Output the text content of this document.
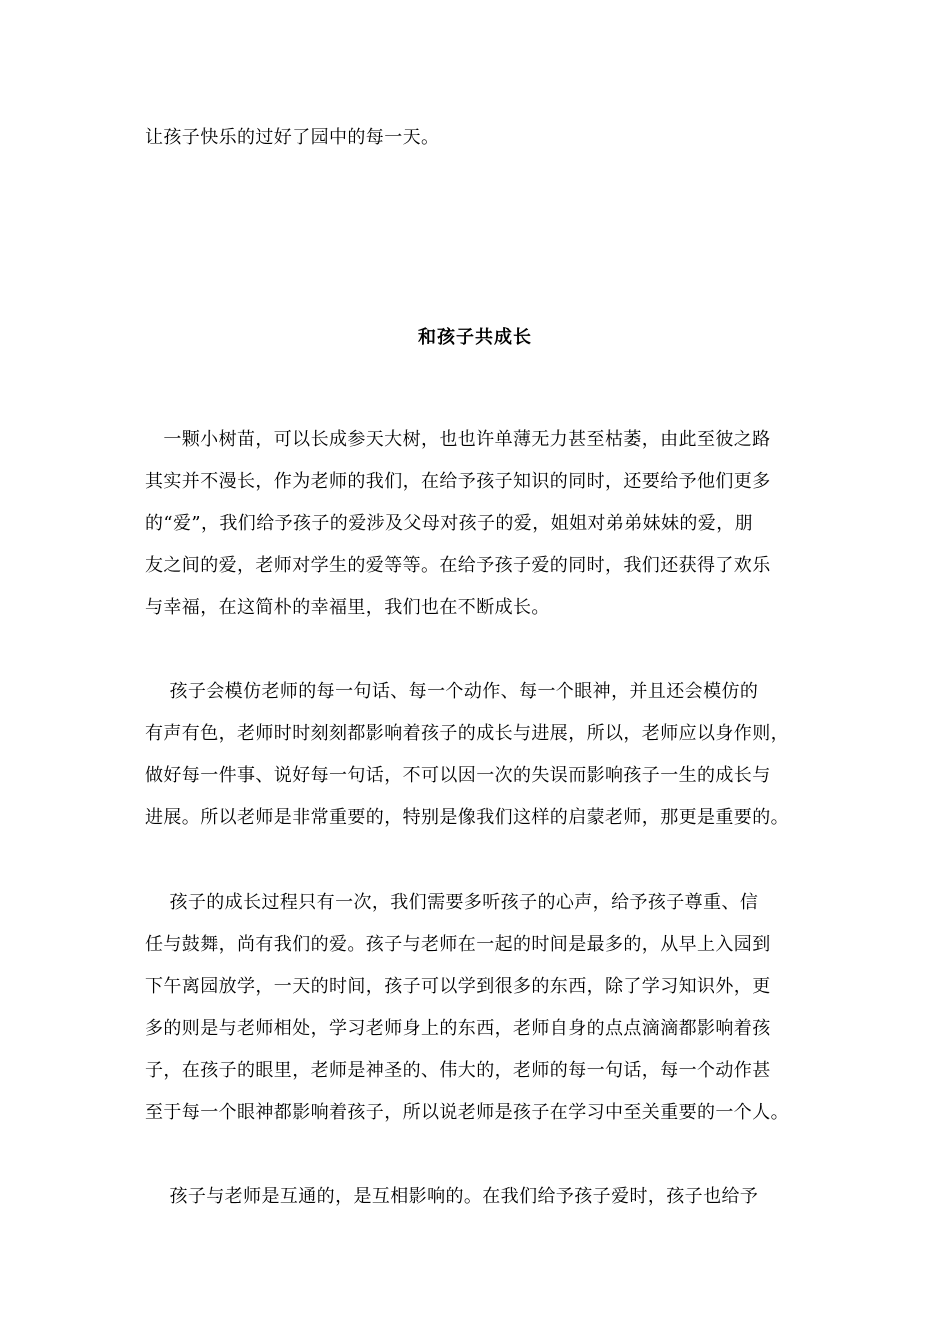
让孩子快乐的过好了园中的每一天。
和孩子共成长
一颗小树苗，可以长成参天大树，也也许单薄无力甚至枯萎，由此至彼之路
其实并不漫长，作为老师的我们，在给予孩子知识的同时，还要给予他们更多
的“爱”，我们给予孩子的爱涉及父母对孩子的爱，姐姐对弟弟妹妹的爱，朋
友之间的爱，老师对学生的爱等等。在给予孩子爱的同时，我们还获得了欢乐
与幸福，在这简朴的幸福里，我们也在不断成长。
孩子会模仿老师的每一句话、每一个动作、每一个眼神，并且还会模仿的
有声有色，老师时时刻刻都影响着孩子的成长与进展，所以，老师应以身作则，
做好每一件事、说好每一句话，不可以因一次的失误而影响孩子一生的成长与
进展。所以老师是非常重要的，特别是像我们这样的启蒙老师，那更是重要的。
孩子的成长过程只有一次，我们需要多听孩子的心声，给予孩子尊重、信
任与鼓舞，尚有我们的爱。孩子与老师在一起的时间是最多的，从早上入园到
下午离园放学，一天的时间，孩子可以学到很多的东西，除了学习知识外，更
多的则是与老师相处，学习老师身上的东西，老师自身的点点滴滴都影响着孩
子，在孩子的眼里，老师是神圣的、伟大的，老师的每一句话，每一个动作甚
至于每一个眼神都影响着孩子，所以说老师是孩子在学习中至关重要的一个人。
孩子与老师是互通的，是互相影响的。在我们给予孩子爱时，孩子也给予
